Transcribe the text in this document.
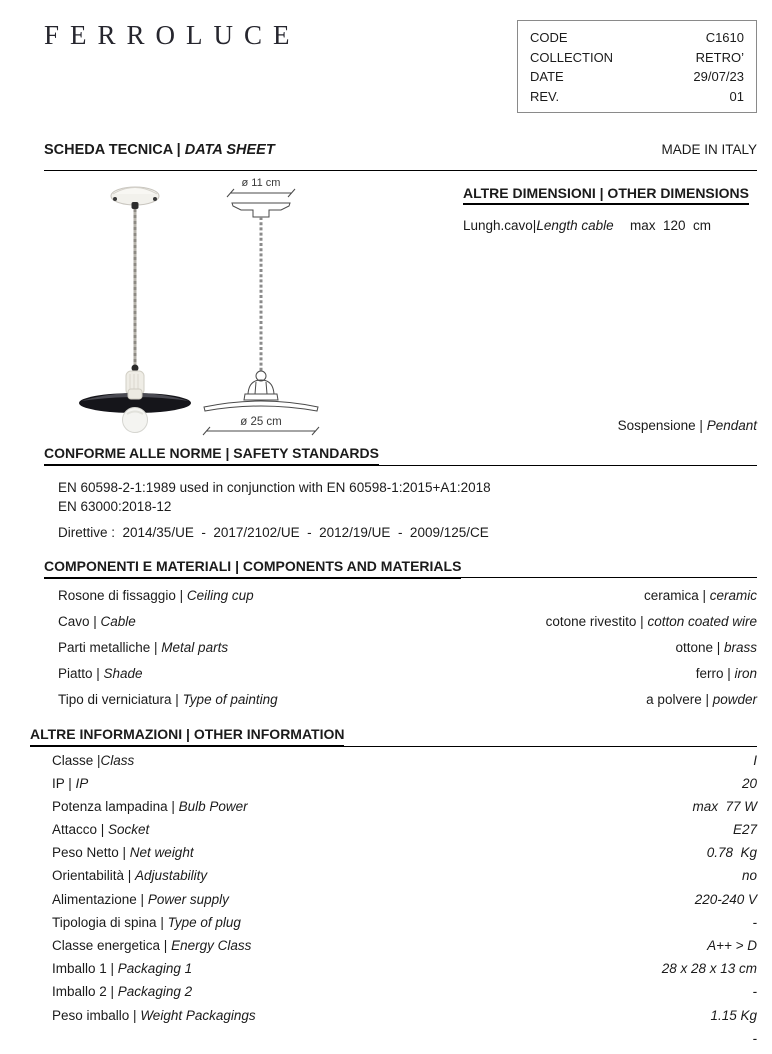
FERROLUCE	CODE	C1610
COLLECTION	RETRO’
DATE	29/07/23
REV.	01
SCHEDA TECNICA | DATA SHEET	MADE IN ITALY
ø 11 cm
ø 25 cm
ALTRE DIMENSIONI | OTHER DIMENSIONS
Lungh.cavo|Length cable max  120  cm
Sospensione | Pendant
CONFORME ALLE NORME | SAFETY STANDARDS
EN 60598-2-1:1989 used in conjunction with EN 60598-1:2015+A1:2018
EN 63000:2018-12
Direttive :  2014/35/UE  -  2017/2102/UE  -  2012/19/UE  -  2009/125/CE
COMPONENTI E MATERIALI | COMPONENTS AND MATERIALS
Rosone di fissaggio | Ceiling cup	ceramica | ceramic
Cavo | Cable	cotone rivestito | cotton coated wire
Parti metalliche | Metal parts	ottone | brass
Piatto | Shade	ferro | iron
Tipo di verniciatura | Type of painting	a polvere | powder
ALTRE INFORMAZIONI | OTHER INFORMATION
Classe |Class	I
IP | IP	20
Potenza lampadina | Bulb Power	max  77 W
Attacco | Socket	E27
Peso Netto | Net weight	0.78  Kg
Orientabilità | Adjustability	no
Alimentazione | Power supply	220-240 V
Tipologia di spina | Type of plug	-
Classe energetica | Energy Class	A++ > D
Imballo 1 | Packaging 1	28 x 28 x 13 cm
Imballo 2 | Packaging 2	-
Peso imballo | Weight Packagings	1.15 Kg
-
